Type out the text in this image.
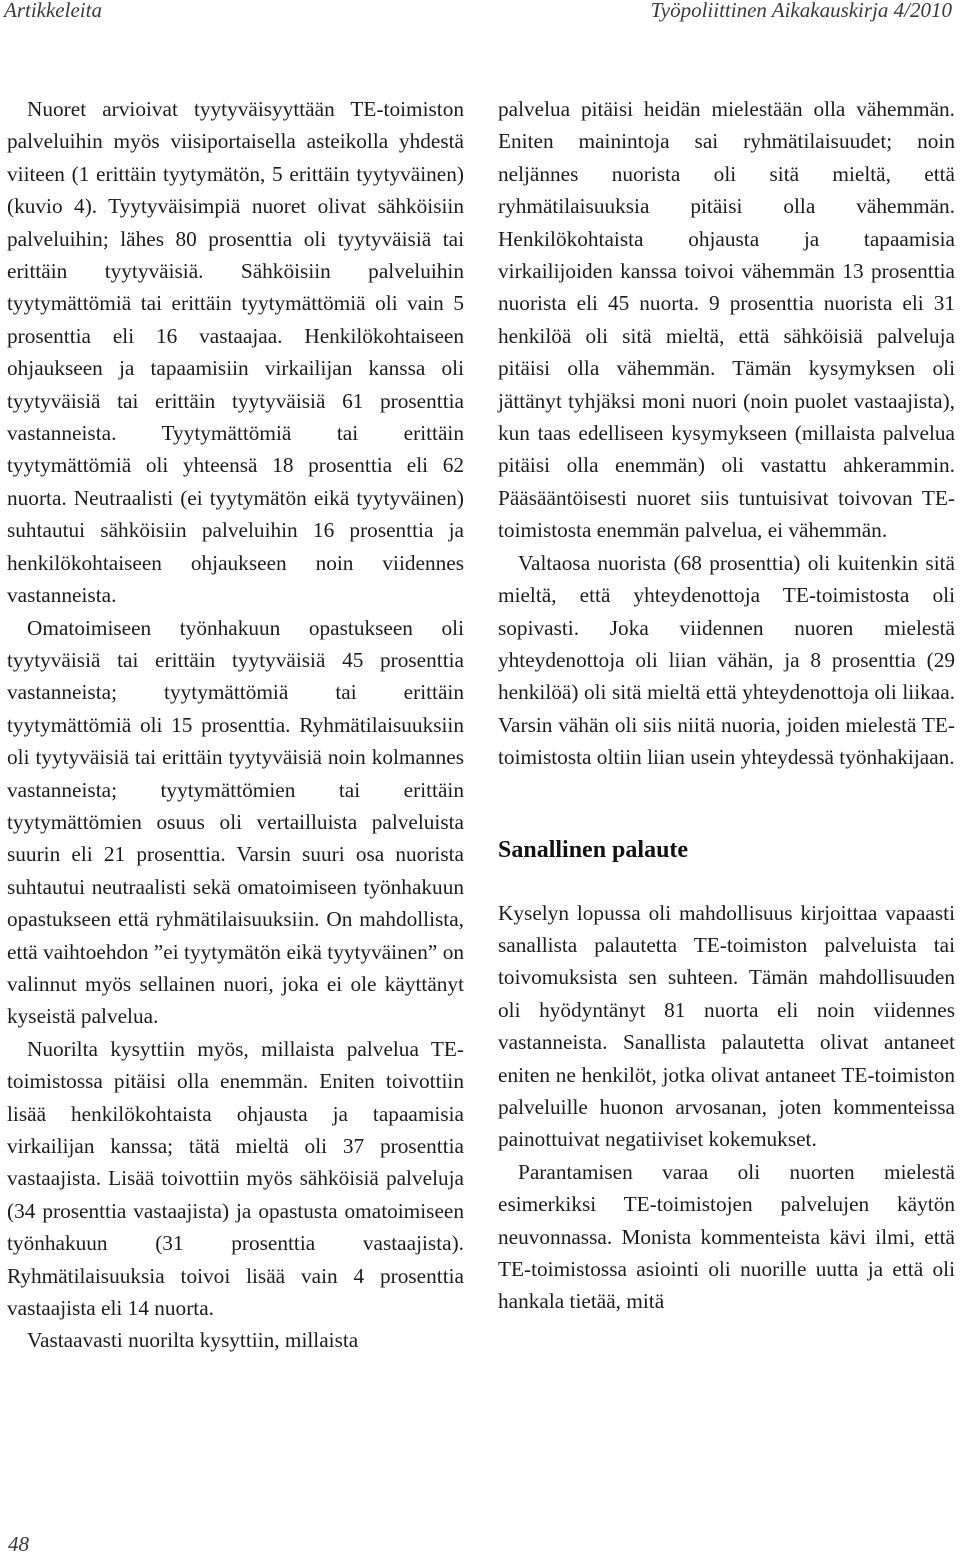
Artikkeleita	Työpoliittinen Aikakauskirja 4/2010

Nuoret arvioivat tyytyväisyyttään TE-toimiston palveluihin myös viisiportaisella asteikolla yhdestä viiteen (1 erittäin tyytymätön, 5 erittäin tyytyväinen) (kuvio 4). Tyytyväisimpiä nuoret olivat sähköisiin palveluihin; lähes 80 prosenttia oli tyytyväisiä tai erittäin tyytyväisiä. Sähköisiin palveluihin tyytymättömiä tai erittäin tyytymättömiä oli vain 5 prosenttia eli 16 vastaajaa. Henkilökohtaiseen ohjaukseen ja tapaamisiin virkailijan kanssa oli tyytyväisiä tai erittäin tyytyväisiä 61 prosenttia vastanneista. Tyytymättömiä tai erittäin tyytymättömiä oli yhteensä 18 prosenttia eli 62 nuorta. Neutraalisti (ei tyytymätön eikä tyytyväinen) suhtautui sähköisiin palveluihin 16 prosenttia ja henkilökohtaiseen ohjaukseen noin viidennes vastanneista.

Omatoimiseen työnhakuun opastukseen oli tyytyväisiä tai erittäin tyytyväisiä 45 prosenttia vastanneista; tyytymättömiä tai erittäin tyytymättömiä oli 15 prosenttia. Ryhmätilaisuuksiin oli tyytyväisiä tai erittäin tyytyväisiä noin kolmannes vastanneista; tyytymättömien tai erittäin tyytymättömien osuus oli vertailluista palveluista suurin eli 21 prosenttia. Varsin suuri osa nuorista suhtautui neutraalisti sekä omatoimiseen työnhakuun opastukseen että ryhmätilaisuuksiin. On mahdollista, että vaihtoehdon ”ei tyytymätön eikä tyytyväinen” on valinnut myös sellainen nuori, joka ei ole käyttänyt kyseistä palvelua.

Nuorilta kysyttiin myös, millaista palvelua TE-toimistossa pitäisi olla enemmän. Eniten toivottiin lisää henkilökohtaista ohjausta ja tapaamisia virkailijan kanssa; tätä mieltä oli 37 prosenttia vastaajista. Lisää toivottiin myös sähköisiä palveluja (34 prosenttia vastaajista) ja opastusta omatoimiseen työnhakuun (31 prosenttia vastaajista). Ryhmätilaisuuksia toivoi lisää vain 4 prosenttia vastaajista eli 14 nuorta.

Vastaavasti nuorilta kysyttiin, millaista

palvelua pitäisi heidän mielestään olla vähemmän. Eniten mainintoja sai ryhmätilaisuudet; noin neljännes nuorista oli sitä mieltä, että ryhmätilaisuuksia pitäisi olla vähemmän. Henkilökohtaista ohjausta ja tapaamisia virkailijoiden kanssa toivoi vähemmän 13 prosenttia nuorista eli 45 nuorta. 9 prosenttia nuorista eli 31 henkilöä oli sitä mieltä, että sähköisiä palveluja pitäisi olla vähemmän. Tämän kysymyksen oli jättänyt tyhjäksi moni nuori (noin puolet vastaajista), kun taas edelliseen kysymykseen (millaista palvelua pitäisi olla enemmän) oli vastattu ahkerammin. Pääsääntöisesti nuoret siis tuntuisivat toivovan TE-toimistosta enemmän palvelua, ei vähemmän.

Valtaosa nuorista (68 prosenttia) oli kuitenkin sitä mieltä, että yhteydenottoja TE-toimistosta oli sopivasti. Joka viidennen nuoren mielestä yhteydenottoja oli liian vähän, ja 8 prosenttia (29 henkilöä) oli sitä mieltä että yhteydenottoja oli liikaa. Varsin vähän oli siis niitä nuoria, joiden mielestä TE-toimistosta oltiin liian usein yhteydessä työnhakijaan.

Sanallinen palaute

Kyselyn lopussa oli mahdollisuus kirjoittaa vapaasti sanallista palautetta TE-toimiston palveluista tai toivomuksista sen suhteen. Tämän mahdollisuuden oli hyödyntänyt 81 nuorta eli noin viidennes vastanneista. Sanallista palautetta olivat antaneet eniten ne henkilöt, jotka olivat antaneet TE-toimiston palveluille huonon arvosanan, joten kommenteissa painottuivat negatiiviset kokemukset.

Parantamisen varaa oli nuorten mielestä esimerkiksi TE-toimistojen palvelujen käytön neuvonnassa. Monista kommenteista kävi ilmi, että TE-toimistossa asiointi oli nuorille uutta ja että oli hankala tietää, mitä

48
